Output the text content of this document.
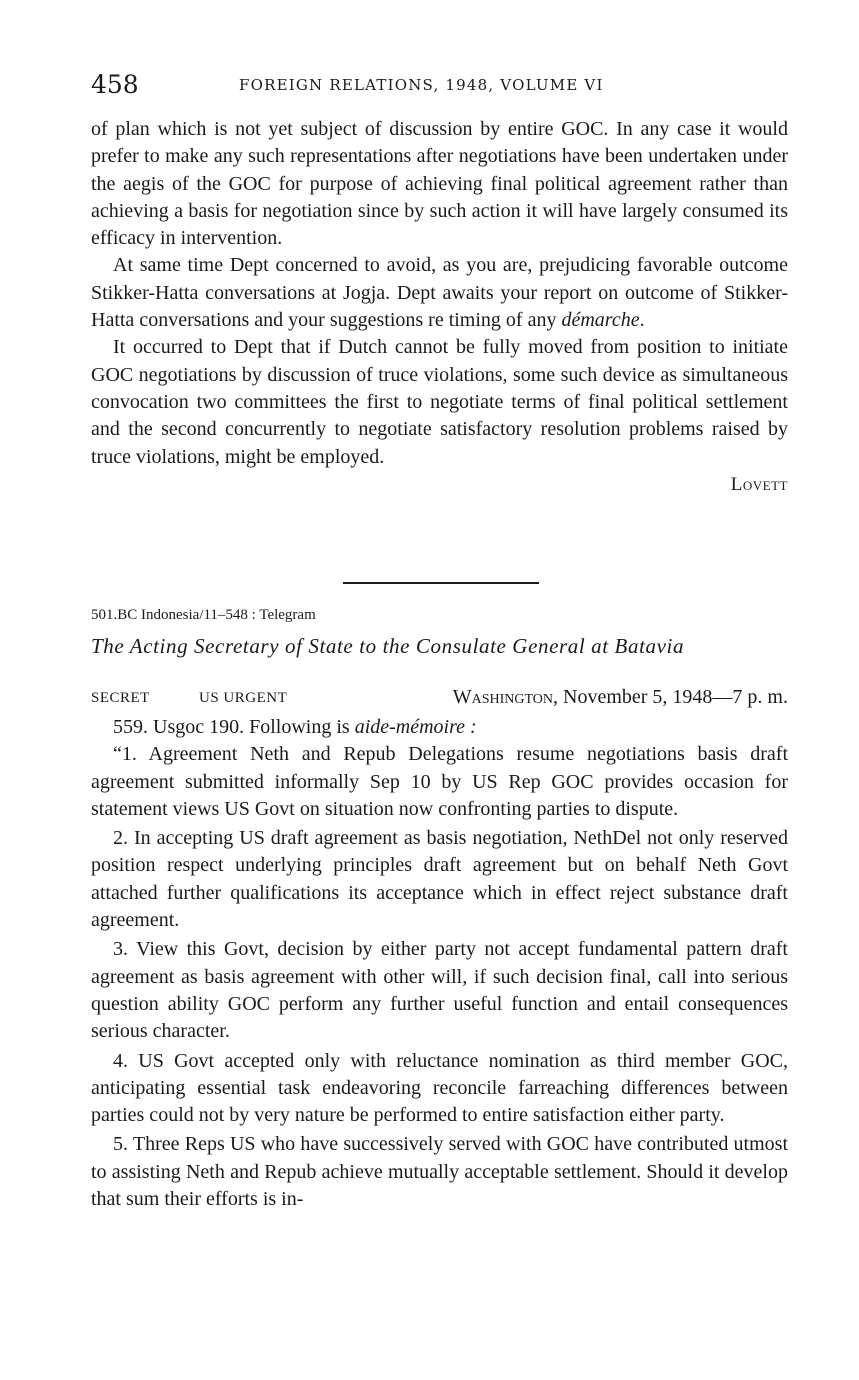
458	FOREIGN RELATIONS, 1948, VOLUME VI

of plan which is not yet subject of discussion by entire GOC. In any case it would prefer to make any such representations after negotiations have been undertaken under the aegis of the GOC for purpose of achieving final political agreement rather than achieving a basis for negotiation since by such action it will have largely consumed its efficacy in intervention.

At same time Dept concerned to avoid, as you are, prejudicing favorable outcome Stikker-Hatta conversations at Jogja. Dept awaits your report on outcome of Stikker-Hatta conversations and your suggestions re timing of any démarche.

It occurred to Dept that if Dutch cannot be fully moved from position to initiate GOC negotiations by discussion of truce violations, some such device as simultaneous convocation two committees the first to negotiate terms of final political settlement and the second concurrently to negotiate satisfactory resolution problems raised by truce violations, might be employed.

Lovett

501.BC Indonesia/11–548 : Telegram
The Acting Secretary of State to the Consulate General at Batavia
SECRET	US URGENT	Washington, November 5, 1948—7 p. m.

559. Usgoc 190. Following is aide-mémoire :

“1. Agreement Neth and Repub Delegations resume negotiations basis draft agreement submitted informally Sep 10 by US Rep GOC provides occasion for statement views US Govt on situation now confronting parties to dispute.

2. In accepting US draft agreement as basis negotiation, NethDel not only reserved position respect underlying principles draft agreement but on behalf Neth Govt attached further qualifications its acceptance which in effect reject substance draft agreement.

3. View this Govt, decision by either party not accept fundamental pattern draft agreement as basis agreement with other will, if such decision final, call into serious question ability GOC perform any further useful function and entail consequences serious character.

4. US Govt accepted only with reluctance nomination as third member GOC, anticipating essential task endeavoring reconcile farreaching differences between parties could not by very nature be performed to entire satisfaction either party.

5. Three Reps US who have successively served with GOC have contributed utmost to assisting Neth and Repub achieve mutually acceptable settlement. Should it develop that sum their efforts is in-
